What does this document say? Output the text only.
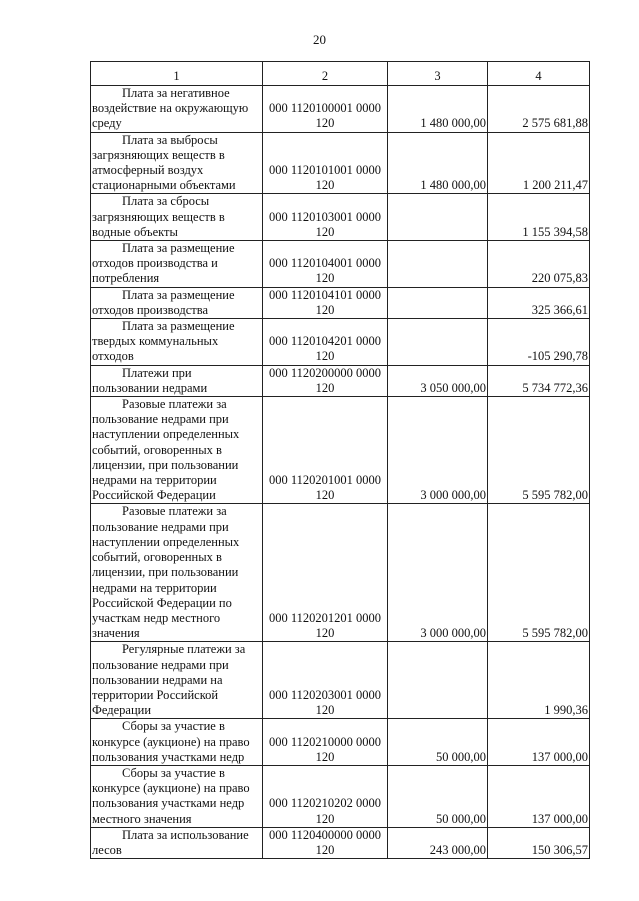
20
1	2	3	4
Плата за негативное воздействие на окружающую среду	000 1120100001 0000
120	1 480 000,00	2 575 681,88
Плата за выбросы загрязняющих веществ в атмосферный воздух стационарными объектами	000 1120101001 0000
120	1 480 000,00	1 200 211,47
Плата за сбросы загрязняющих веществ в водные объекты	000 1120103001 0000
120		1 155 394,58
Плата за размещение отходов производства и потребления	000 1120104001 0000
120		220 075,83
Плата за размещение отходов производства	000 1120104101 0000
120		325 366,61
Плата за размещение твердых коммунальных отходов	000 1120104201 0000
120		-105 290,78
Платежи при пользовании недрами	000 1120200000 0000
120	3 050 000,00	5 734 772,36
Разовые платежи за пользование недрами при наступлении определенных событий, оговоренных в лицензии, при пользовании недрами на территории Российской Федерации	000 1120201001 0000
120	3 000 000,00	5 595 782,00
Разовые платежи за пользование недрами при наступлении определенных событий, оговоренных в лицензии, при пользовании недрами на территории Российской Федерации по участкам недр местного значения	000 1120201201 0000
120	3 000 000,00	5 595 782,00
Регулярные платежи за пользование недрами при пользовании недрами на территории Российской Федерации	000 1120203001 0000
120		1 990,36
Сборы за участие в конкурсе (аукционе) на право пользования участками недр	000 1120210000 0000
120	50 000,00	137 000,00
Сборы за участие в конкурсе (аукционе) на право пользования участками недр местного значения	000 1120210202 0000
120	50 000,00	137 000,00
Плата за использование лесов	000 1120400000 0000
120	243 000,00	150 306,57
